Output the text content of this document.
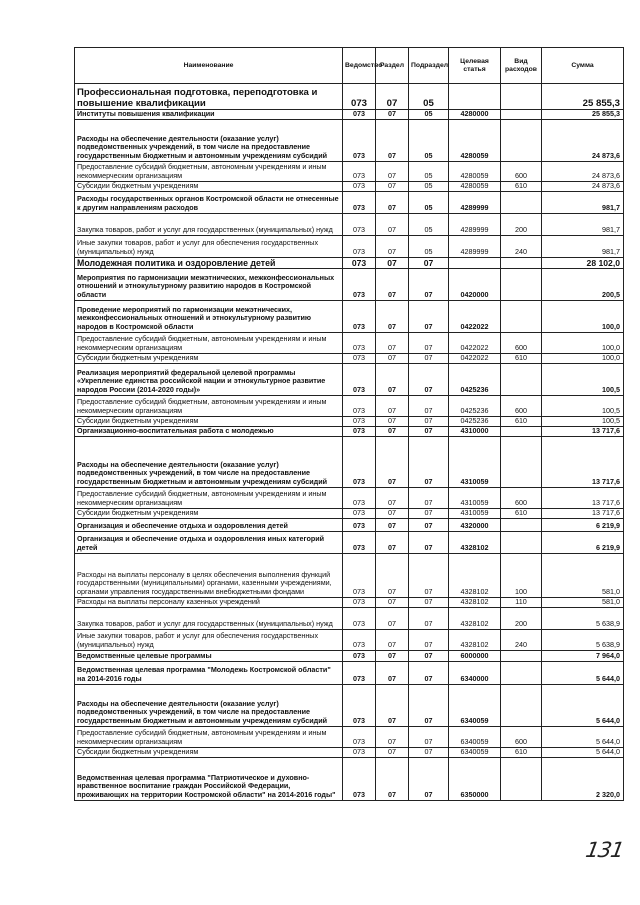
Наименование	Ведомство	Раздел	Подраздел	Целевая статья	Вид расходов	Сумма
Профессиональная подготовка, переподготовка и повышение квалификации	073	07	05			25 855,3
Институты повышения квалификации	073	07	05	4280000		25 855,3
Расходы на обеспечение деятельности (оказание услуг) подведомственных учреждений, в том числе на предоставление государственным бюджетным и автономным учреждениям субсидий	073	07	05	4280059		24 873,6
Предоставление субсидий бюджетным, автономным учреждениям и иным некоммерческим организациям	073	07	05	4280059	600	24 873,6
Субсидии бюджетным учреждениям	073	07	05	4280059	610	24 873,6
Расходы государственных органов Костромской области не отнесенные к другим направлениям расходов	073	07	05	4289999		981,7
Закупка товаров, работ и услуг для государственных (муниципальных) нужд	073	07	05	4289999	200	981,7
Иные закупки товаров, работ и услуг для обеспечения государственных (муниципальных) нужд	073	07	05	4289999	240	981,7
Молодежная политика и оздоровление детей	073	07	07			28 102,0
Мероприятия по гармонизации межэтнических, межконфессиональных отношений и этнокультурному развитию народов в Костромской области	073	07	07	0420000		200,5
Проведение мероприятий по гармонизации межэтнических, межконфессиональных отношений и этнокультурному развитию народов в Костромской области	073	07	07	0422022		100,0
Предоставление субсидий бюджетным, автономным учреждениям и иным некоммерческим организациям	073	07	07	0422022	600	100,0
Субсидии бюджетным учреждениям	073	07	07	0422022	610	100,0
Реализация мероприятий федеральной целевой программы «Укрепление единства российской нации и этнокультурное развитие народов России (2014-2020 годы)»	073	07	07	0425236		100,5
Предоставление субсидий бюджетным, автономным учреждениям и иным некоммерческим организациям	073	07	07	0425236	600	100,5
Субсидии бюджетным учреждениям	073	07	07	0425236	610	100,5
Организационно-воспитательная работа с молодежью	073	07	07	4310000		13 717,6
Расходы на обеспечение деятельности (оказание услуг) подведомственных учреждений, в том числе на предоставление государственным бюджетным и автономным учреждениям субсидий	073	07	07	4310059		13 717,6
Предоставление субсидий бюджетным, автономным учреждениям и иным некоммерческим организациям	073	07	07	4310059	600	13 717,6
Субсидии бюджетным учреждениям	073	07	07	4310059	610	13 717,6
Организация и обеспечение отдыха и оздоровления детей	073	07	07	4320000		6 219,9
Организация и обеспечение отдыха и оздоровления иных категорий детей	073	07	07	4328102		6 219,9
Расходы на выплаты персоналу в целях обеспечения выполнения функций государственными (муниципальными) органами, казенными учреждениями, органами управления государственными внебюджетными фондами	073	07	07	4328102	100	581,0
Расходы на выплаты персоналу казенных учреждений	073	07	07	4328102	110	581,0
Закупка товаров, работ и услуг для государственных (муниципальных) нужд	073	07	07	4328102	200	5 638,9
Иные закупки товаров, работ и услуг для обеспечения государственных (муниципальных) нужд	073	07	07	4328102	240	5 638,9
Ведомственные целевые программы	073	07	07	6000000		7 964,0
Ведомственная целевая программа "Молодежь Костромской области" на 2014-2016 годы	073	07	07	6340000		5 644,0
Расходы на обеспечение деятельности (оказание услуг) подведомственных учреждений, в том числе на предоставление государственным бюджетным и автономным учреждениям субсидий	073	07	07	6340059		5 644,0
Предоставление субсидий бюджетным, автономным учреждениям и иным некоммерческим организациям	073	07	07	6340059	600	5 644,0
Субсидии бюджетным учреждениям	073	07	07	6340059	610	5 644,0
Ведомственная целевая программа "Патриотическое и духовно-нравственное воспитание граждан Российской Федерации, проживающих на территории Костромской области" на 2014-2016 годы"	073	07	07	6350000		2 320,0
131
